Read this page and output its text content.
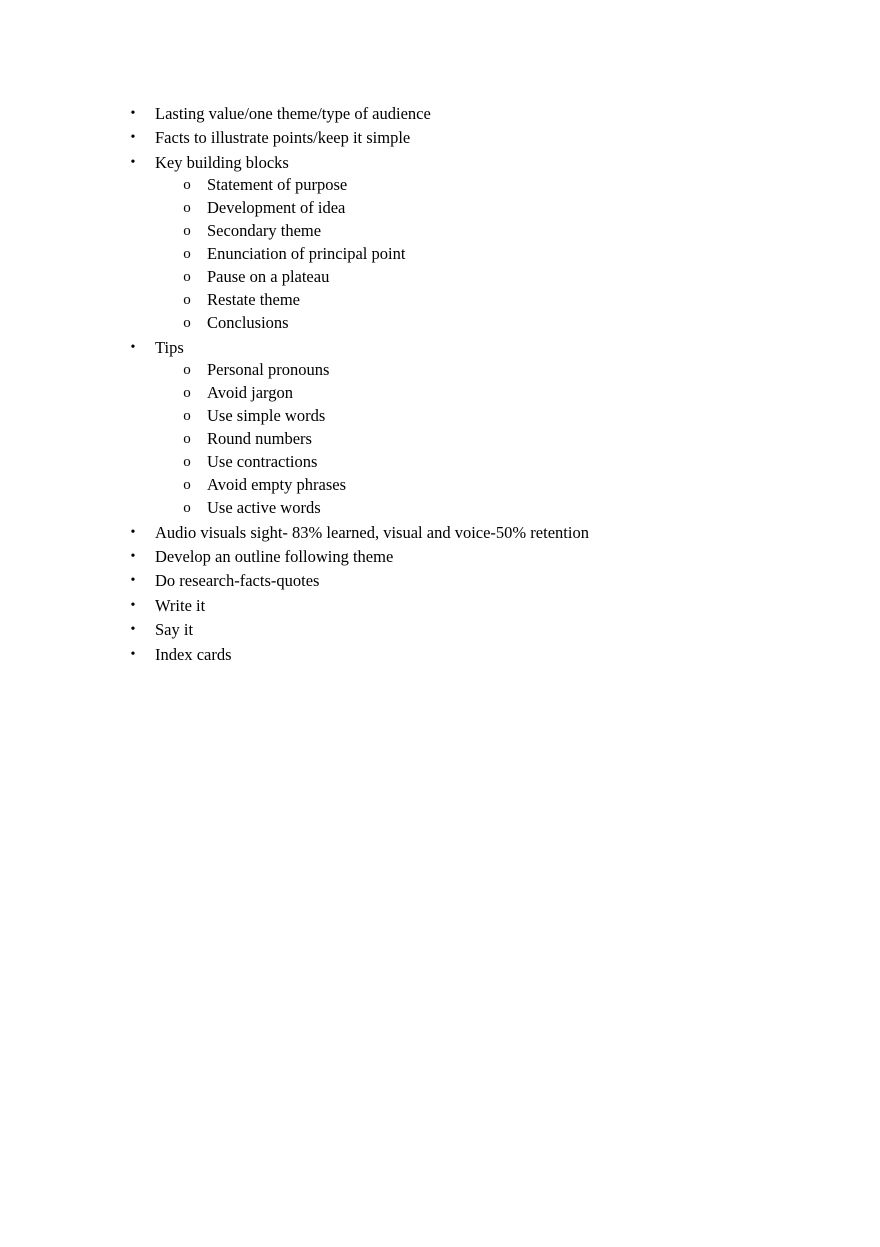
• Lasting value/one theme/type of audience
• Facts to illustrate points/keep it simple
• Key building blocks
o Statement of purpose
o Development of idea
o Secondary theme
o Enunciation of principal point
o Pause on a plateau
o Restate theme
o Conclusions
• Tips
o Personal pronouns
o Avoid jargon
o Use simple words
o Round numbers
o Use contractions
o Avoid empty phrases
o Use active words
• Audio visuals sight- 83% learned, visual and voice-50% retention
• Develop an outline following theme
• Do research-facts-quotes
• Write it
• Say it
• Index cards
